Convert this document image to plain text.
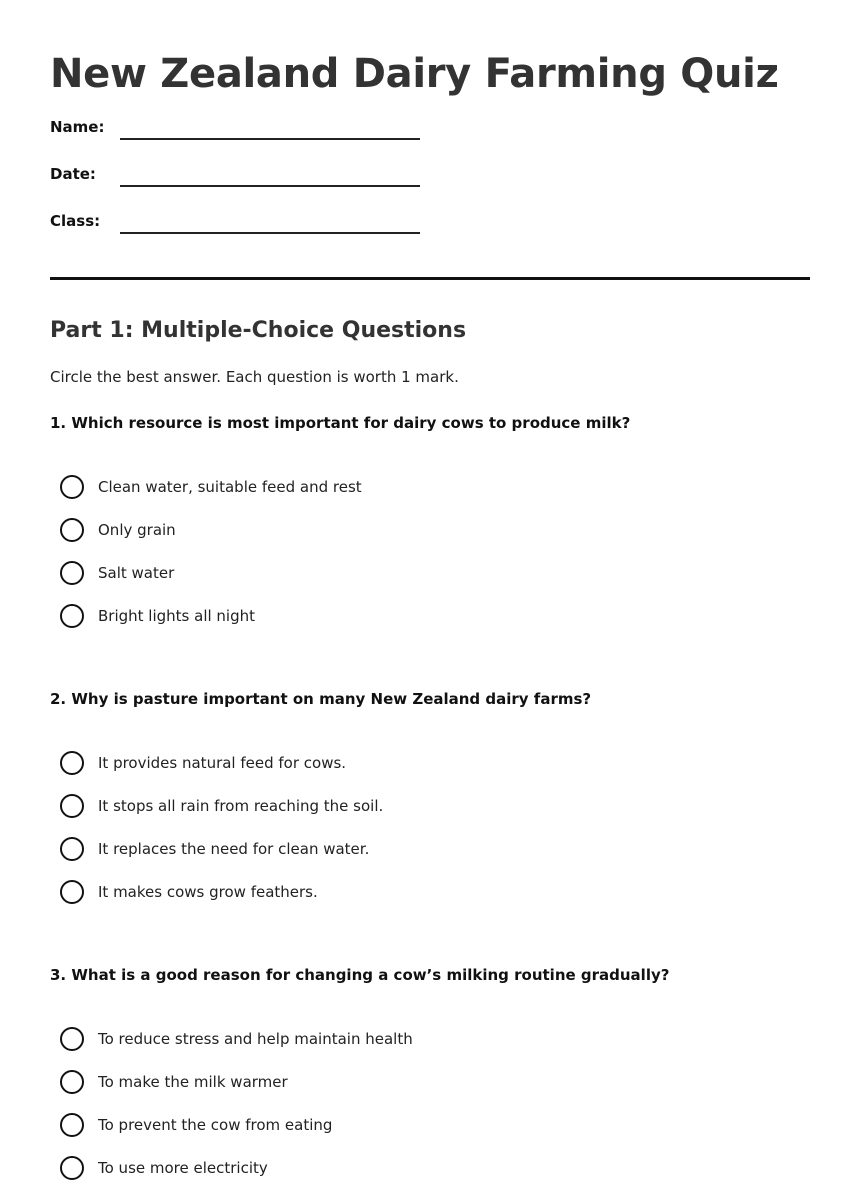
New Zealand Dairy Farming Quiz
Name:
Date:
Class:
Part 1: Multiple-Choice Questions

Circle the best answer. Each question is worth 1 mark.

1. Which resource is most important for dairy cows to produce milk?
Clean water, suitable feed and rest
Only grain
Salt water
Bright lights all night
2. Why is pasture important on many New Zealand dairy farms?
It provides natural feed for cows.
It stops all rain from reaching the soil.
It replaces the need for clean water.
It makes cows grow feathers.
3. What is a good reason for changing a cow’s milking routine gradually?
To reduce stress and help maintain health
To make the milk warmer
To prevent the cow from eating
To use more electricity
